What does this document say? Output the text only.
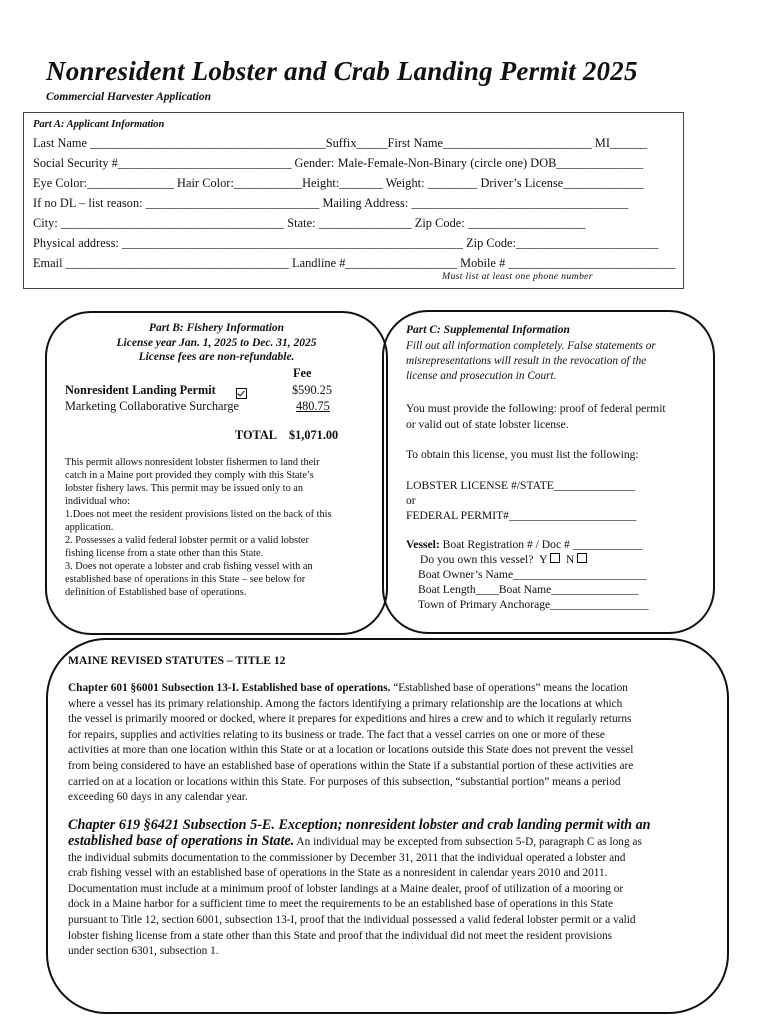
Nonresident Lobster and Crab Landing Permit 2025
Commercial Harvester Application
Part A: Applicant Information
Last Name ______________________________________Suffix_____First Name________________________ MI______
Social Security #____________________________ Gender: Male-Female-Non-Binary (circle one) DOB______________
Eye Color:______________ Hair Color:___________Height:_______ Weight: ________ Driver’s License_____________
If no DL – list reason: ____________________________ Mailing Address: ___________________________________
City: ____________________________________ State: _______________ Zip Code: ___________________
Physical address: _______________________________________________________ Zip Code:_______________________
Email ____________________________________ Landline #__________________ Mobile # ___________________________
Must list at least one phone number
Part B: Fishery Information
License year Jan. 1, 2025 to Dec. 31, 2025
License fees are non-refundable.
Fee
Nonresident Landing Permit	$590.25
Marketing Collaborative Surcharge	480.75
TOTAL $1,071.00
This permit allows nonresident lobster fishermen to land their
catch in a Maine port provided they comply with this State’s
lobster fishery laws. This permit may be issued only to an
individual who:
1.Does not meet the resident provisions listed on the back of this
application.
2. Possesses a valid federal lobster permit or a valid lobster
fishing license from a state other than this State.
3. Does not operate a lobster and crab fishing vessel with an
established base of operations in this State – see below for
definition of Established base of operations.
Part C: Supplemental Information
Fill out all information completely. False statements or
misrepresentations will result in the revocation of the
license and prosecution in Court.
You must provide the following: proof of federal permit
or valid out of state lobster license.
To obtain this license, you must list the following:
LOBSTER LICENSE #/STATE______________
or
FEDERAL PERMIT#______________________
Vessel: Boat Registration # / Doc # ____________
Do you own this vessel? Y N
Boat Owner’s Name_______________________
Boat Length____Boat Name_______________
Town of Primary Anchorage_________________
MAINE REVISED STATUTES – TITLE 12
Chapter 601 §6001 Subsection 13-I. Established base of operations. “Established base of operations” means the location
where a vessel has its primary relationship. Among the factors identifying a primary relationship are the locations at which
the vessel is primarily moored or docked, where it prepares for expeditions and hires a crew and to which it regularly returns
for repairs, supplies and activities relating to its business or trade. The fact that a vessel carries on one or more of these
activities at more than one location within this State or at a location or locations outside this State does not prevent the vessel
from being considered to have an established base of operations within the State if a substantial portion of these activities are
carried on at a location or locations within this State. For purposes of this subsection, “substantial portion” means a period
exceeding 60 days in any calendar year.
Chapter 619 §6421 Subsection 5-E. Exception; nonresident lobster and crab landing permit with an
established base of operations in State. An individual may be excepted from subsection 5-D, paragraph C as long as
the individual submits documentation to the commissioner by December 31, 2011 that the individual operated a lobster and
crab fishing vessel with an established base of operations in the State as a nonresident in calendar years 2010 and 2011.
Documentation must include at a minimum proof of lobster landings at a Maine dealer, proof of utilization of a mooring or
dock in a Maine harbor for a sufficient time to meet the requirements to be an established base of operations in this State
pursuant to Title 12, section 6001, subsection 13-I, proof that the individual possessed a valid federal lobster permit or a valid
lobster fishing license from a state other than this State and proof that the individual did not meet the resident provisions
under section 6301, subsection 1.
